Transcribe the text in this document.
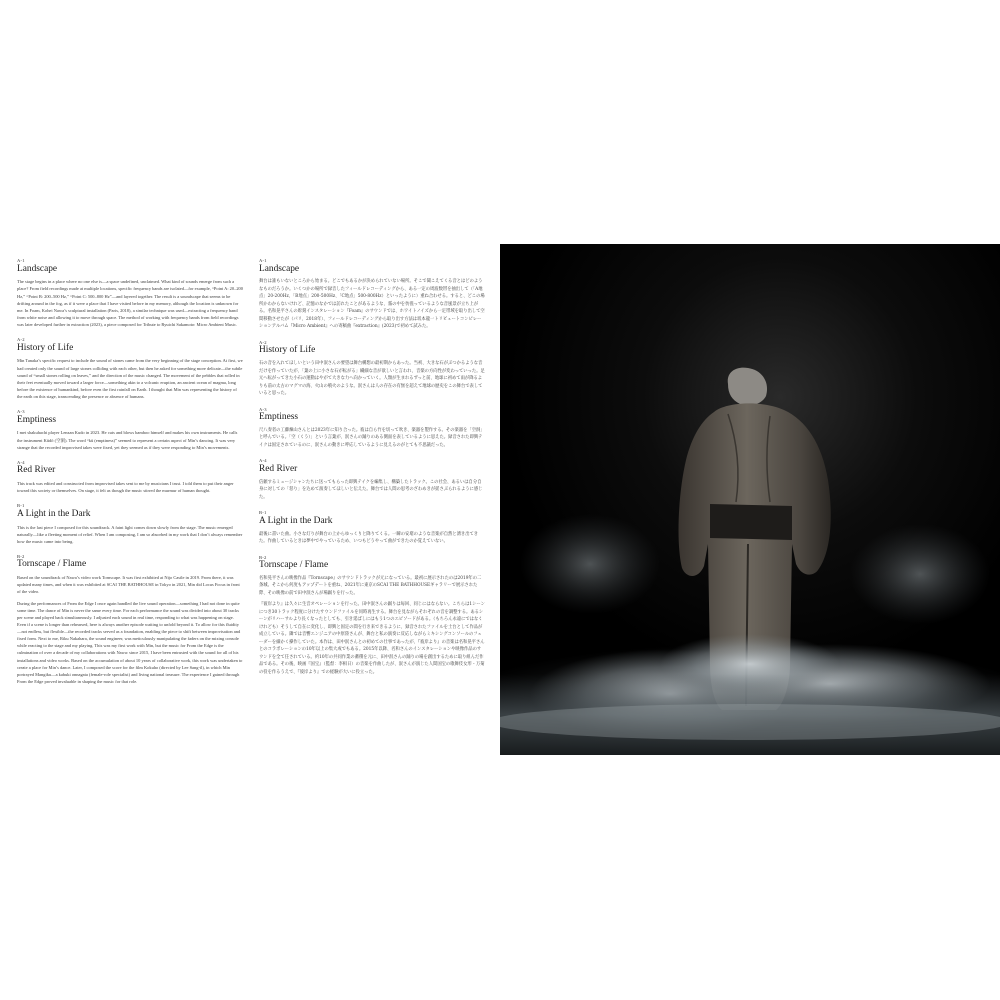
A-1
Landscape

The stage begins in a place where no one else is—a space undefined, unclaimed. What kind of sounds emerge from such a place? From field recordings made at multiple locations, specific frequency bands are isolated—for example, “Point A: 20–200 Hz,” “Point B: 200–500 Hz,” “Point C: 500–800 Hz”—and layered together. The result is a soundscape that seems to be drifting around in the fog, as if it were a place that I have visited before in my memory, although the location is unknown for me. In Foam, Kohei Nawa’s sculptural installation (Paris, 2018), a similar technique was used—extracting a frequency band from white noise and allowing it to move through space. The method of working with frequency bands from field recordings was later developed further in extraction (2023), a piece composed for Tribute to Ryuichi Sakamoto: Micro Ambient Music.

A-2
History of Life

Min Tanaka’s specific request to include the sound of stones came from the very beginning of the stage conception. At first, we had created only the sound of large stones colliding with each other, but then he asked for something more delicate—the subtle sound of “small stones rolling on leaves,” and the direction of the music changed. The movement of the pebbles that rolled in their feet eventually moved toward a larger force—something akin to a volcanic eruption, an ancient ocean of magma, long before the existence of humankind, before even the first rainfall on Earth. I thought that Min was representing the history of the earth on this stage, transcending the presence or absence of humans.

A-3
Emptiness

I met shakuhachi player Lenzan Kudo in 2023. He cuts and blows bamboo himself and makes his own instruments. He calls the instrument Kūdō (空洞). The word “kū (emptiness)” seemed to represent a certain aspect of Min’s dancing. It was very strange that the recorded improvised takes were fixed, yet they seemed as if they were responding to Min’s movements.

A-4
Red River

This track was edited and constructed from improvised takes sent to me by musicians I trust. I told them to put their anger toward this society or themselves. On stage, it felt as though the music stirred the murmur of human thought.

B-1
A Light in the Dark

This is the last piece I composed for this soundtrack. A faint light comes down slowly from the stage. The music emerged naturally—like a fleeting moment of relief. When I am composing, I am so absorbed in my work that I don’t always remember how the music came into being.

B-2
Tornscape / Flame

Based on the soundtrack of Nawa’s video work Tornscape. It was first exhibited at Nijo Castle in 2019. From there, it was updated many times, and when it was exhibited at SCAI THE BATHHOUSE in Tokyo in 2021, Min did Locus Focus in front of the video.

During the performances of From the Edge I once again handled the live sound operation—something I had not done in quite some time. The dance of Min is never the same every time. For each performance the sound was divided into about 30 tracks per scene and played back simultaneously. I adjusted each sound in real time, responding to what was happening on stage. Even if a scene is longer than rehearsed, here is always another episode waiting to unfold beyond it. To allow for this fluidity—not endless, but flexible—the recorded tracks served as a foundation, enabling the piece to shift between improvisation and fixed form. Next to me, Riku Nakahara, the sound engineer, was meticulously manipulating the faders on the mixing console while reacting to the stage and my playing. This was my first work with Min, but the music for From the Edge is the culmination of over a decade of my collaborations with Nawa: since 2015, I have been entrusted with the sound for all of his installations and video works. Based on the accumulation of about 10 years of collaborative work, this work was undertaken to create a place for Min’s dance. Later, I composed the score for the film Kokuho (directed by Lee Sang-il), in which Min portrayed Mangiku—a kabuki onnagata (female-role specialist) and living national treasure. The experience I gained through From the Edge proved invaluable in shaping the music for that role.

A-1
Landscape

舞台は誰もいないところから始まる。どこでもあるかが決められていない場所。そこで聞こえてくる音とはどのようなものだろうか。いくつかの場所で録音したフィールドレコーディングから、ある一定の周波数帯を抽出して（「A地点」20-200Hz、「B地点」200-500Hz、「C地点」500-800Hz）といったように）重ね合わせる。すると、どこの場所かわからないけれど、記憶のなかでは訪れたことがあるような、霧の中を彷徨っているような音風景が立ち上がる。名和晃平さんの彫刻インスタレーション『Foam』のサウンドでは、ホワイトノイズから一定帯域を取り出して空間移動させたが（パリ、2018年）、フィールドレコーディングから取り出す方法は坂本龍一トリビュートコンピレーションアルバム『Micro Ambient』への寄稿曲『extraction』(2023)で初めて試みた。

A-2
History of Life

石の音を入れてほしいという田中泯さんの要望は舞台構想の最初期からあった。当初、大きな石がぶつかるような音だけを作っていたが、「葉の上に小さな石が転がる」繊細な音が欲しいと言われ、音楽の方向性が変わっていった。足元へ転がってきた小石の運動はやがて大きな力へ向かっていく。人類が生まれるずっと前、地球に初めて雨が降るよりも前の太古のマグマの海、火山の噴火のような。泯さんは人の存在の有無を超えて地球の歴史をこの舞台で表していると思った。

A-3
Emptiness

尺八奏者の工藤煉山さんとは2023年に知り合った。彼は自ら竹を切って吹き、楽器を製作する。その楽器を「空洞」と呼んでいる。「空（くう）」という言葉が、泯さんの踊りのある側面を表しているように思えた。録音された即興テイクは固定されているのに、泯さんの動きに呼応しているように見えるのがとても不思議だった。

A-4
Red River

信頼するミュージシャンたちに送ってもらった即興テイクを編集し、構築したトラック。この社会、あるいは自分自身に対しての「怒り」を込めて演奏してほしいと伝えた。舞台では人間の思考のざわめきが揺さぶられるように感じた。

B-1
A Light in the Dark

最後に書いた曲。小さな灯りが舞台の上からゆっくりと降りてくる。一瞬の安堵のような音楽が自然と湧き出てきた。作曲しているときは夢中でやっているため、いつもどうやって曲ができたのか覚えていない。

B-2
Tornscape / Flame

名和晃平さんの映像作品『Tornscape』のサウンドトラックが元になっている。最初に展示されたのは2019年の二条城。そこから何度もアップデートを重ね、2021年に東京のSCAI THE BATHHOUSEギャラリーで展示された際、その映像の前で田中泯さんが場踊りを行った。

『彼岸より』は久々に生音オペレーションを行った。田中泯さんの踊りは毎回、同じにはならない。こちらは1シーンにつき30トラック程度に分けたサウンドファイルを同時再生する。舞台を見ながらそれぞれの音を調整する。あるシーンがリハーサルより長くなったとしても、引き延ばしにはもう1つのエピソードがある。（もちろん永遠にではなくけれども）そうして自在に変化し、即興と固定の間を行き来できるように、録音されたファイルを土台として作品が成立している。隣では音響エンジニアの中原陸さんが、舞台と私の演奏に反応しながらミキシングコンソールのフェーダーを細かく操作していた。本作は、田中泯さんとの初めての仕事であったが、『彼岸より』の音楽は名和晃平さんとのコラボレーションの10年以上の集大成でもある。2015年以降、名和さんのインスタレーションや映像作品のサウンドを全て任されている。約10年の共同作業の蓄積を元に、田中泯さんの踊りの場を創出するために取り組んだ作品である。その後、映画『国宝』（監督：李相日）の音楽を作曲したが、泯さんが演じた人間国宝の歌舞伎女形・万菊の役を作るうえで、『彼岸より』での経験が大いに役立った。
